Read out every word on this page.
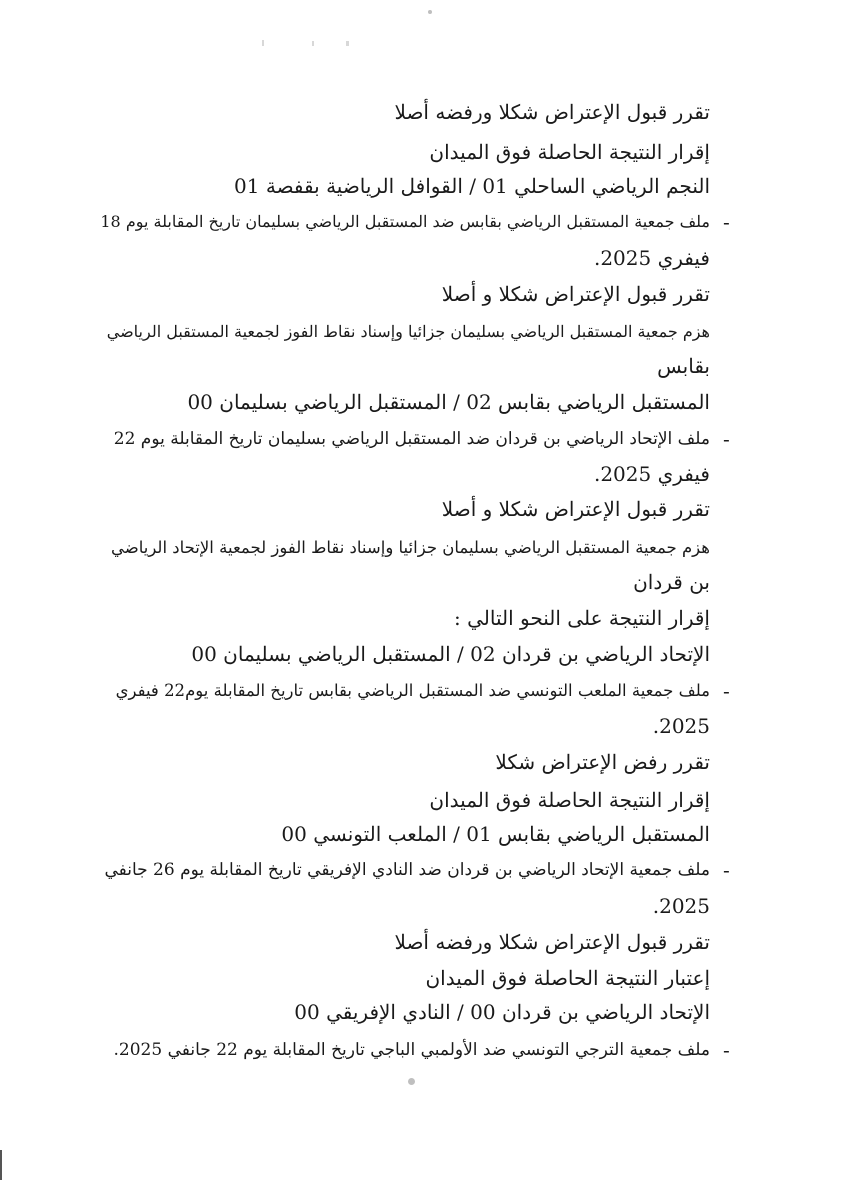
تقرر قبول الإعتراض شكلا ورفضه أصلا
إقرار النتيجة الحاصلة فوق الميدان
النجم الرياضي الساحلي 01 / القوافل الرياضية بقفصة 01
-
ملف جمعية المستقبل الرياضي بقابس ضد المستقبل الرياضي بسليمان تاريخ المقابلة يوم 18
فيفري 2025.
تقرر قبول الإعتراض شكلا و أصلا
هزم جمعية المستقبل الرياضي بسليمان جزائيا وإسناد نقاط الفوز لجمعية المستقبل الرياضي
بقابس
المستقبل الرياضي بقابس 02 / المستقبل الرياضي بسليمان 00
-
ملف الإتحاد الرياضي بن قردان ضد المستقبل الرياضي بسليمان تاريخ المقابلة يوم 22
فيفري 2025.
تقرر قبول الإعتراض شكلا و أصلا
هزم جمعية المستقبل الرياضي بسليمان جزائيا وإسناد نقاط الفوز لجمعية الإتحاد الرياضي
بن قردان
إقرار النتيجة على النحو التالي :
الإتحاد الرياضي بن قردان 02 / المستقبل الرياضي بسليمان 00
-
ملف جمعية الملعب التونسي ضد المستقبل الرياضي بقابس تاريخ المقابلة يوم22 فيفري
2025.
تقرر رفض الإعتراض شكلا
إقرار النتيجة الحاصلة فوق الميدان
المستقبل الرياضي بقابس 01 / الملعب التونسي 00
-
ملف جمعية الإتحاد الرياضي بن قردان ضد النادي الإفريقي تاريخ المقابلة يوم 26 جانفي
2025.
تقرر قبول الإعتراض شكلا ورفضه أصلا
إعتبار النتيجة الحاصلة فوق الميدان
الإتحاد الرياضي بن قردان 00 / النادي الإفريقي 00
-
ملف جمعية الترجي التونسي ضد الأولمبي الباجي تاريخ المقابلة يوم 22 جانفي 2025.
